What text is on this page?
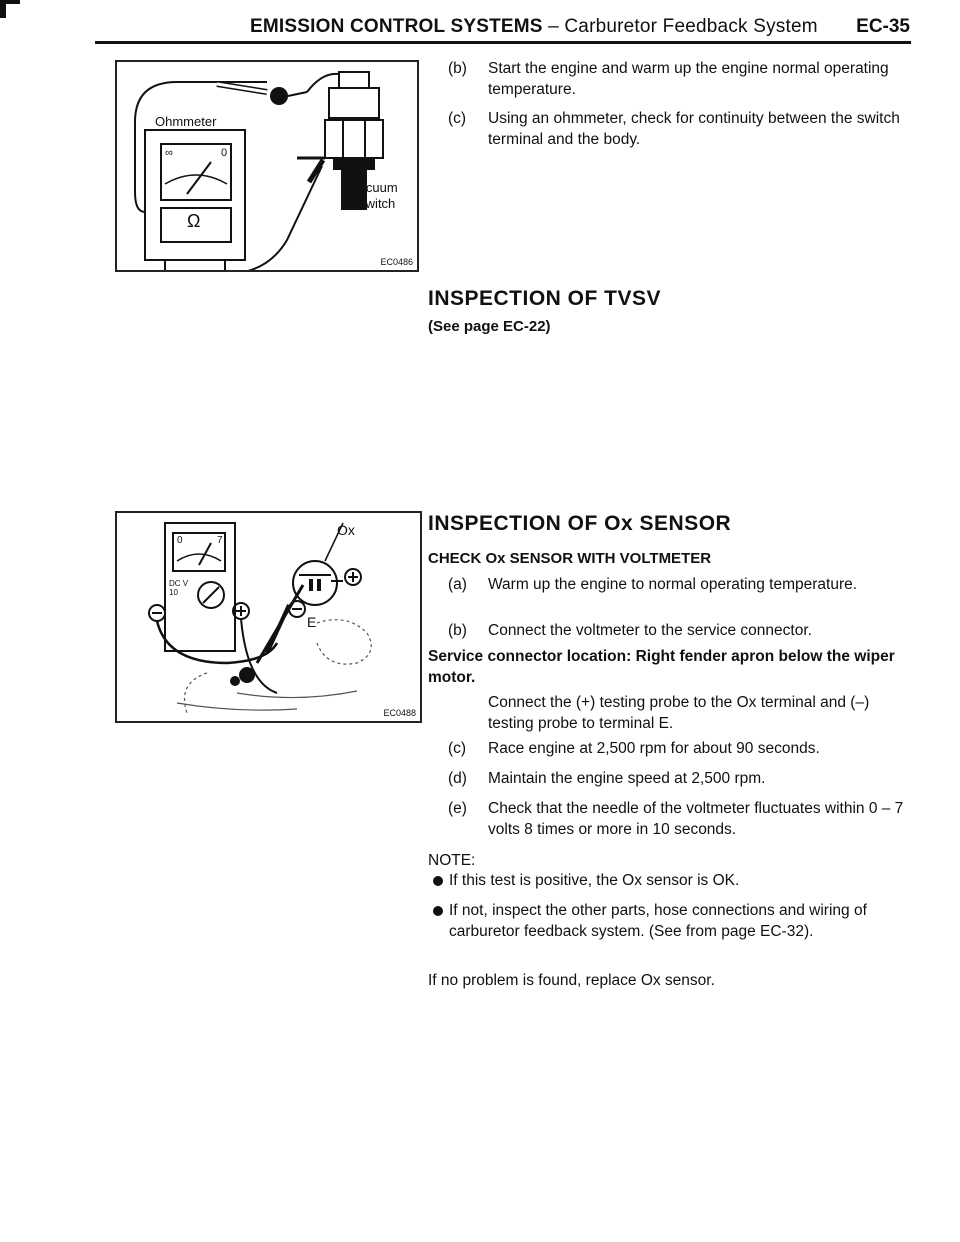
EMISSION CONTROL SYSTEMS – Carburetor Feedback System EC-35
Ohmmeter
∞	0
Ω
Vacuum
Switch
EC0486
(b) Start the engine and warm up the engine normal operating temperature.
(c) Using an ohmmeter, check for continuity between the switch terminal and the body.
INSPECTION OF TVSV
(See page EC-22)
Ox
E
0	7
DC V 10
EC0488
INSPECTION OF Ox SENSOR
CHECK Ox SENSOR WITH VOLTMETER
(a) Warm up the engine to normal operating temperature.
(b) Connect the voltmeter to the service connector.
Service connector location: Right fender apron below the wiper motor.
Connect the (+) testing probe to the Ox terminal and (–) testing probe to terminal E.
(c) Race engine at 2,500 rpm for about 90 seconds.
(d) Maintain the engine speed at 2,500 rpm.
(e) Check that the needle of the voltmeter fluctuates within 0 – 7 volts 8 times or more in 10 seconds.
NOTE:
If this test is positive, the Ox sensor is OK.
If not, inspect the other parts, hose connections and wiring of carburetor feedback system. (See from page EC-32).
If no problem is found, replace Ox sensor.
